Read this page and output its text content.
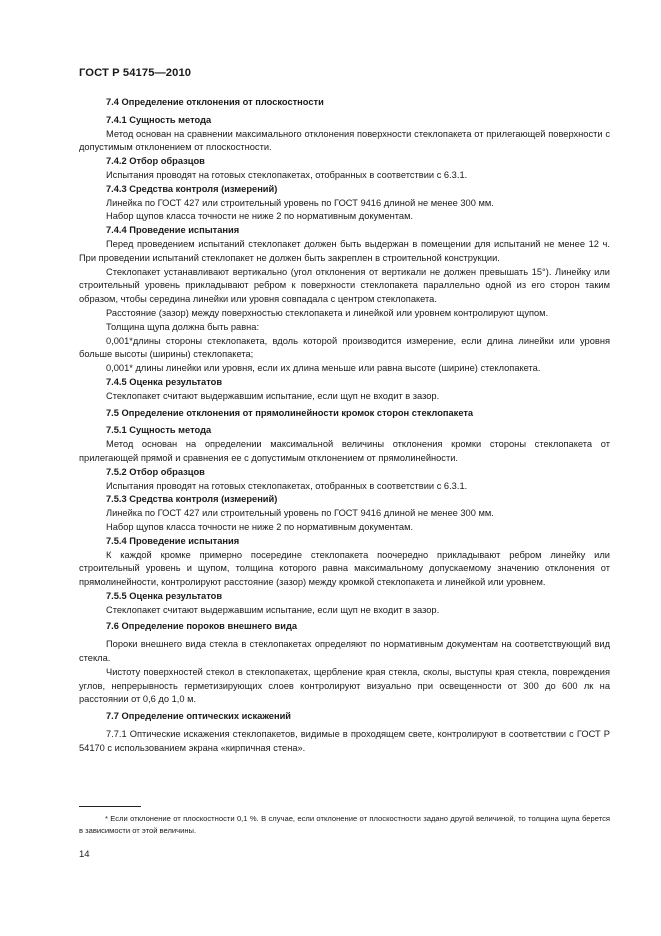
ГОСТ Р 54175—2010

7.4 Определение отклонения от плоскостности

7.4.1 Сущность метода

Метод основан на сравнении максимального отклонения поверхности стеклопакета от прилегающей поверхности с допустимым отклонением от плоскостности.

7.4.2 Отбор образцов

Испытания проводят на готовых стеклопакетах, отобранных в соответствии с 6.3.1.

7.4.3 Средства контроля (измерений)

Линейка по ГОСТ 427 или строительный уровень по ГОСТ 9416 длиной не менее 300 мм.

Набор щупов класса точности не ниже 2 по нормативным документам.

7.4.4 Проведение испытания

Перед проведением испытаний стеклопакет должен быть выдержан в помещении для испытаний не менее 12 ч. При проведении испытаний стеклопакет не должен быть закреплен в строительной конструкции.

Стеклопакет устанавливают вертикально (угол отклонения от вертикали не должен превышать 15°). Линейку или строительный уровень прикладывают ребром к поверхности стеклопакета параллельно одной из его сторон таким образом, чтобы середина линейки или уровня совпадала с центром стеклопакета.

Расстояние (зазор) между поверхностью стеклопакета и линейкой или уровнем контролируют щупом.

Толщина щупа должна быть равна:

0,001*длины стороны стеклопакета, вдоль которой производится измерение, если длина линейки или уровня больше высоты (ширины) стеклопакета;

0,001* длины линейки или уровня, если их длина меньше или равна высоте (ширине) стеклопакета.

7.4.5 Оценка результатов

Стеклопакет считают выдержавшим испытание, если щуп не входит в зазор.

7.5 Определение отклонения от прямолинейности кромок сторон стеклопакета

7.5.1 Сущность метода

Метод основан на определении максимальной величины отклонения кромки стороны стеклопакета от прилегающей прямой и сравнения ее с допустимым отклонением от прямолинейности.

7.5.2 Отбор образцов

Испытания проводят на готовых стеклопакетах, отобранных в соответствии с 6.3.1.

7.5.3 Средства контроля (измерений)

Линейка по ГОСТ 427 или строительный уровень по ГОСТ 9416 длиной не менее 300 мм.

Набор щупов класса точности не ниже 2 по нормативным документам.

7.5.4 Проведение испытания

К каждой кромке примерно посередине стеклопакета поочередно прикладывают ребром линейку или строительный уровень и щупом, толщина которого равна максимальному допускаемому значению отклонения от прямолинейности, контролируют расстояние (зазор) между кромкой стеклопакета и линейкой или уровнем.

7.5.5 Оценка результатов

Стеклопакет считают выдержавшим испытание, если щуп не входит в зазор.

7.6 Определение пороков внешнего вида

Пороки внешнего вида стекла в стеклопакетах определяют по нормативным документам на соответствующий вид стекла.

Чистоту поверхностей стекол в стеклопакетах, щербление края стекла, сколы, выступы края стекла, повреждения углов, непрерывность герметизирующих слоев контролируют визуально при освещенности от 300 до 600 лк на расстоянии от 0,6 до 1,0 м.

7.7 Определение оптических искажений

7.7.1 Оптические искажения стеклопакетов, видимые в проходящем свете, контролируют в соответствии с ГОСТ Р 54170 с использованием экрана «кирпичная стена».

* Если отклонение от плоскостности 0,1 %. В случае, если отклонение от плоскостности задано другой величиной, то толщина щупа берется в зависимости от этой величины.

14
